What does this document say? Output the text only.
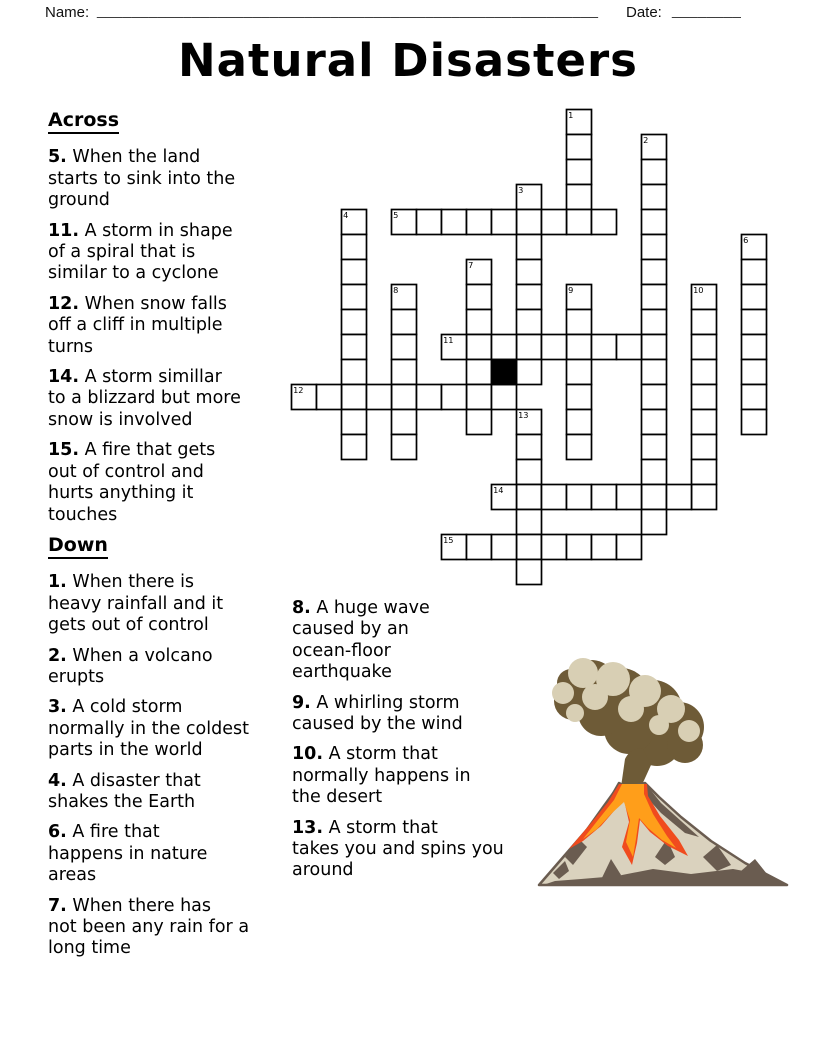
Name: __________________________________________________________ Date: ________
Natural Disasters
Across
5. When the land
starts to sink into the
ground
11. A storm in shape
of a spiral that is
similar to a cyclone
12. When snow falls
off a cliff in multiple
turns
14. A storm simillar
to a blizzard but more
snow is involved
15. A fire that gets
out of control and
hurts anything it
touches
Down
1. When there is
heavy rainfall and it
gets out of control
2. When a volcano
erupts
3. A cold storm
normally in the coldest
parts in the world
4. A disaster that
shakes the Earth
6. A fire that
happens in nature
areas
7. When there has
not been any rain for a
long time
8. A huge wave
caused by an
ocean-floor
earthquake
9. A whirling storm
caused by the wind
10. A storm that
normally happens in
the desert
13. A storm that
takes you and spins you
around
1
2
3
4	5
6
7
8	9	10
11
12
13
14
15
